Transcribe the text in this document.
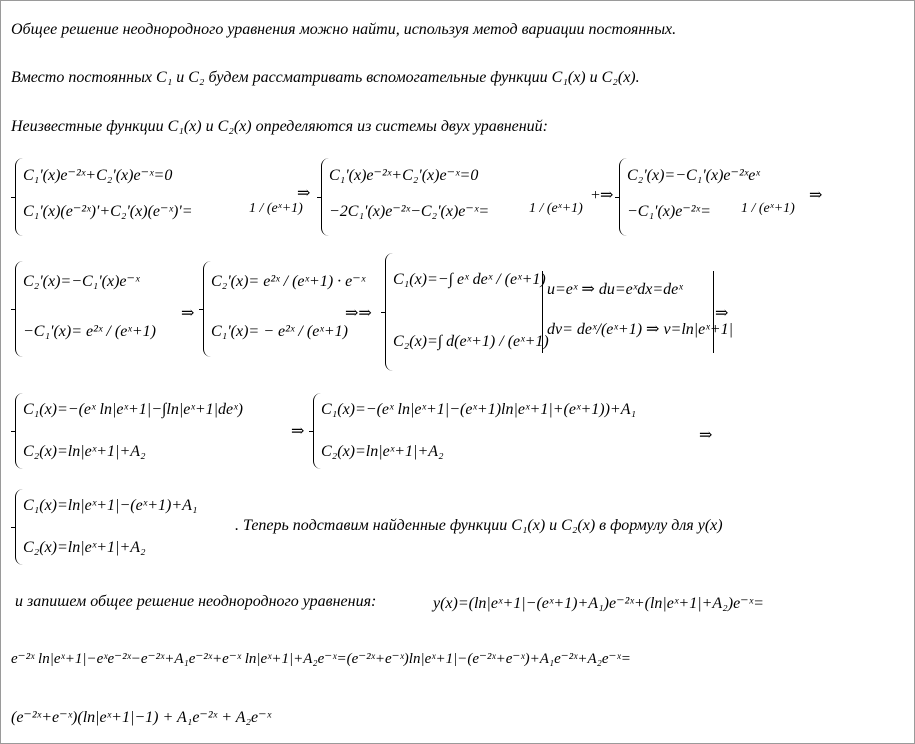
Общее решение неоднородного уравнения можно найти, используя метод вариации постоянных.
Вместо постоянных C₁ и C₂ будем рассматривать вспомогательные функции C₁(x) и C₂(x).
Неизвестные функции C₁(x) и C₂(x) определяются из системы двух уравнений:
C₁'(x)e⁻²ˣ+C₂'(x)e⁻ˣ=0
C₁'(x)(e⁻²ˣ)'+C₂'(x)(e⁻ˣ)'=	1 / (eˣ+1)
⇒
C₁'(x)e⁻²ˣ+C₂'(x)e⁻ˣ=0
−2C₁'(x)e⁻²ˣ−C₂'(x)e⁻ˣ=	1 / (eˣ+1)
+⇒
C₂'(x)=−C₁'(x)e⁻²ˣeˣ
−C₁'(x)e⁻²ˣ= 1 / (eˣ+1)
⇒
C₂'(x)=−C₁'(x)e⁻ˣ
−C₁'(x)= e²ˣ / (eˣ+1)
⇒
C₂'(x)= e²ˣ / (eˣ+1) · e⁻ˣ
C₁'(x)= − e²ˣ / (eˣ+1)
⇒⇒
C₁(x)=−∫ eˣ deˣ / (eˣ+1)
C₂(x)=∫ d(eˣ+1) / (eˣ+1)
u=eˣ ⇒ du=eˣdx=deˣ
dv= deˣ/(eˣ+1) ⇒ v=ln|eˣ+1|
⇒
C₁(x)=−(eˣ ln|eˣ+1|−∫ln|eˣ+1|deˣ)
C₂(x)=ln|eˣ+1|+A₂
⇒
C₁(x)=−(eˣ ln|eˣ+1|−(eˣ+1)ln|eˣ+1|+(eˣ+1))+A₁
C₂(x)=ln|eˣ+1|+A₂
⇒
C₁(x)=ln|eˣ+1|−(eˣ+1)+A₁
C₂(x)=ln|eˣ+1|+A₂
. Теперь подставим найденные функции C₁(x) и C₂(x) в формулу для y(x)
и запишем общее решение неоднородного уравнения:	y(x)=(ln|eˣ+1|−(eˣ+1)+A₁)e⁻²ˣ+(ln|eˣ+1|+A₂)e⁻ˣ=
e⁻²ˣ ln|eˣ+1|−eˣe⁻²ˣ−e⁻²ˣ+A₁e⁻²ˣ+e⁻ˣ ln|eˣ+1|+A₂e⁻ˣ=(e⁻²ˣ+e⁻ˣ)ln|eˣ+1|−(e⁻²ˣ+e⁻ˣ)+A₁e⁻²ˣ+A₂e⁻ˣ=
(e⁻²ˣ+e⁻ˣ)(ln|eˣ+1|−1) + A₁e⁻²ˣ + A₂e⁻ˣ
